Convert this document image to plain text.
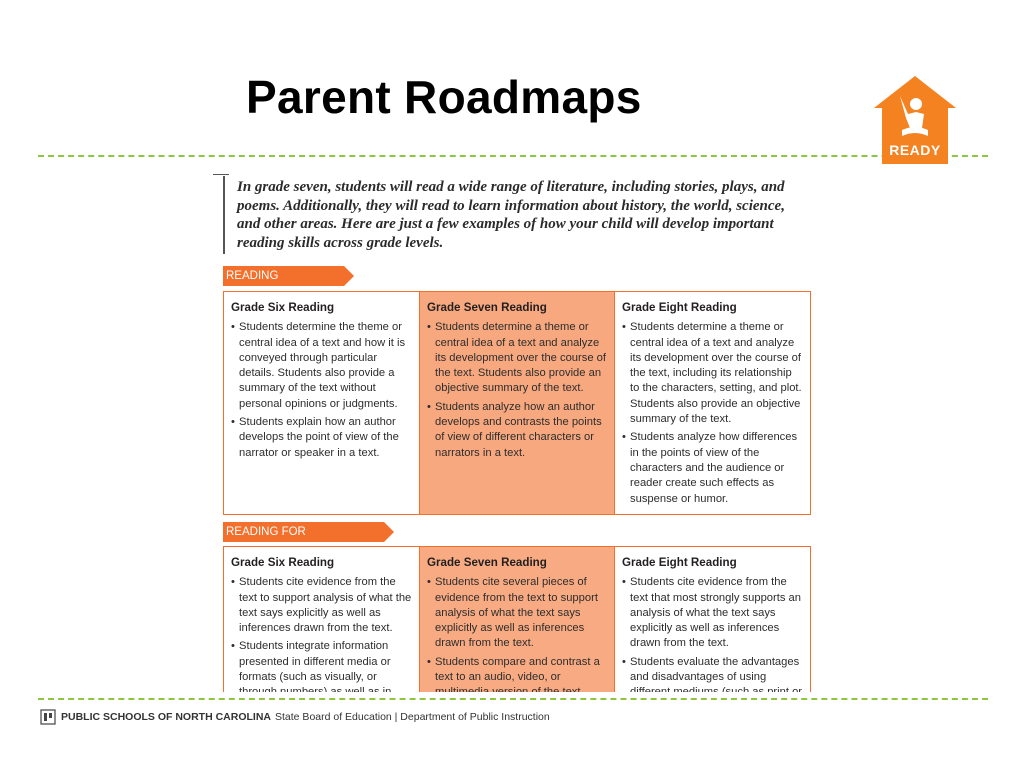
Parent Roadmaps
READY
In grade seven, students will read a wide range of literature, including stories, plays, and poems. Additionally, they will read to learn information about history, the world, science, and other areas. Here are just a few examples of how your child will develop important reading skills across grade levels.
READING
Grade Six Reading
• Students determine the theme or central idea of a text and how it is conveyed through particular details. Students also provide a summary of the text without personal opinions or judgments.
• Students explain how an author develops the point of view of the narrator or speaker in a text.
Grade Seven Reading
• Students determine a theme or central idea of a text and analyze its development over the course of the text. Students also provide an objective summary of the text.
• Students analyze how an author develops and contrasts the points of view of different characters or narrators in a text.
Grade Eight Reading
• Students determine a theme or central idea of a text and analyze its development over the course of the text, including its relationship to the characters, setting, and plot. Students also provide an objective summary of the text.
• Students analyze how differences in the points of view of the characters and the audience or reader create such effects as suspense or humor.
READING FOR
Grade Six Reading
• Students cite evidence from the text to support analysis of what the text says explicitly as well as inferences drawn from the text.
• Students integrate information presented in different media or formats (such as visually, or
Grade Seven Reading
• Students cite several pieces of evidence from the text to support analysis of what the text says explicitly as well as inferences drawn from the text.
• Students compare and contrast a text to an audio, video, or
Grade Eight Reading
• Students cite evidence from the text that most strongly supports an analysis of what the text says explicitly as well as inferences drawn from the text.
• Students evaluate the advantages and disadvantages of using
PUBLIC SCHOOLS OF NORTH CAROLINA State Board of Education | Department of Public Instruction
